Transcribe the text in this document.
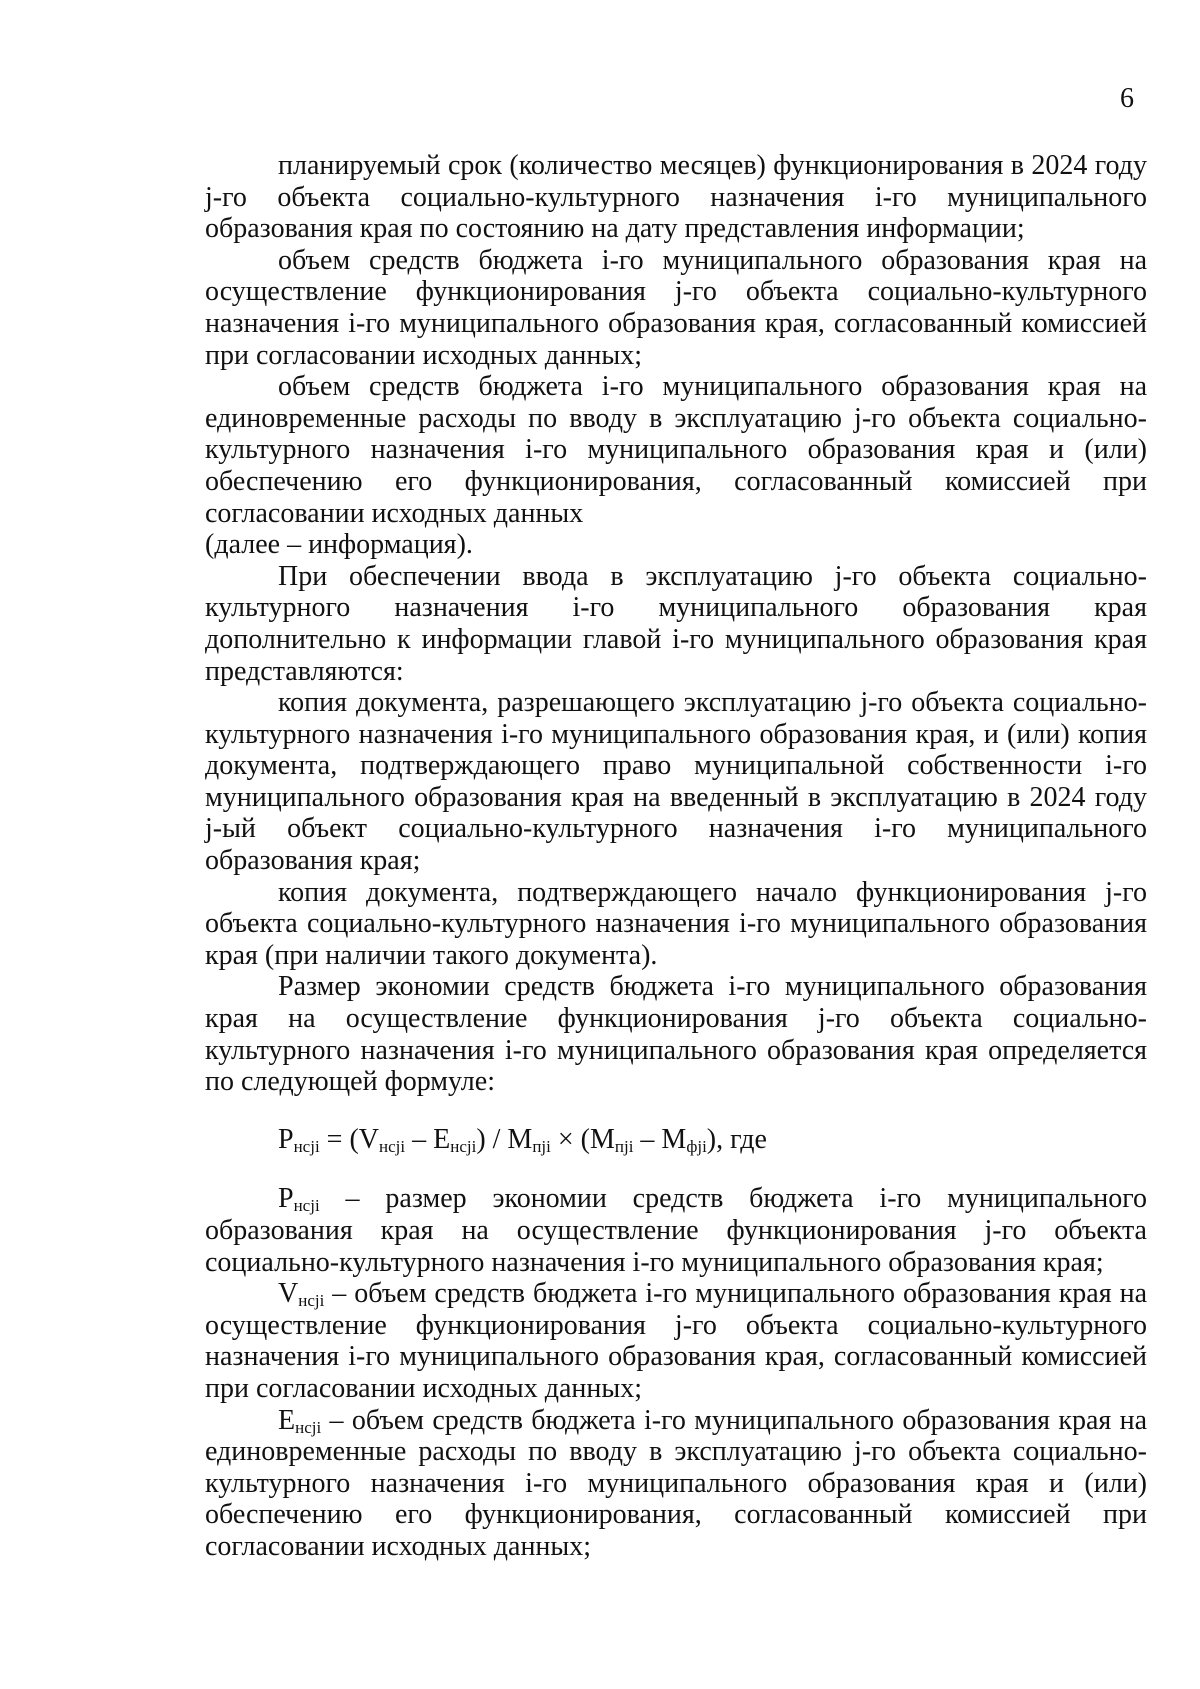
6

планируемый срок (количество месяцев) функционирования в 2024 году j-го объекта социально-культурного назначения i-го муниципального образования края по состоянию на дату представления информации;

объем средств бюджета i-го муниципального образования края на осуществление функционирования j-го объекта социально-культурного назначения i-го муниципального образования края, согласованный комиссией при согласовании исходных данных;

объем средств бюджета i-го муниципального образования края на единовременные расходы по вводу в эксплуатацию j-го объекта социально-культурного назначения i-го муниципального образования края и (или) обеспечению его функционирования, согласованный комиссией при согласовании исходных данных

(далее – информация).

При обеспечении ввода в эксплуатацию j-го объекта социально-культурного назначения i-го муниципального образования края дополнительно к информации главой i-го муниципального образования края представляются:

копия документа, разрешающего эксплуатацию j-го объекта социально-культурного назначения i-го муниципального образования края, и (или) копия документа, подтверждающего право муниципальной собственности i-го муниципального образования края на введенный в эксплуатацию в 2024 году j-ый объект социально-культурного назначения i-го муниципального образования края;

копия документа, подтверждающего начало функционирования j-го объекта социально-культурного назначения i-го муниципального образования края (при наличии такого документа).

Размер экономии средств бюджета i-го муниципального образования края на осуществление функционирования j-го объекта социально-культурного назначения i-го муниципального образования края определяется по следующей формуле:

$P_{нсji} = (V_{нсji} - E_{нсji}) / M_{пji} \times (M_{пji} - M_{фji})$, где

$P_{нсji}$ – размер экономии средств бюджета i-го муниципального образования края на осуществление функционирования j-го объекта социально-культурного назначения i-го муниципального образования края;

$V_{нсji}$ – объем средств бюджета i-го муниципального образования края на осуществление функционирования j-го объекта социально-культурного назначения i-го муниципального образования края, согласованный комиссией при согласовании исходных данных;

$E_{нсji}$ – объем средств бюджета i-го муниципального образования края на единовременные расходы по вводу в эксплуатацию j-го объекта социально-культурного назначения i-го муниципального образования края и (или) обеспечению его функционирования, согласованный комиссией при согласовании исходных данных;
